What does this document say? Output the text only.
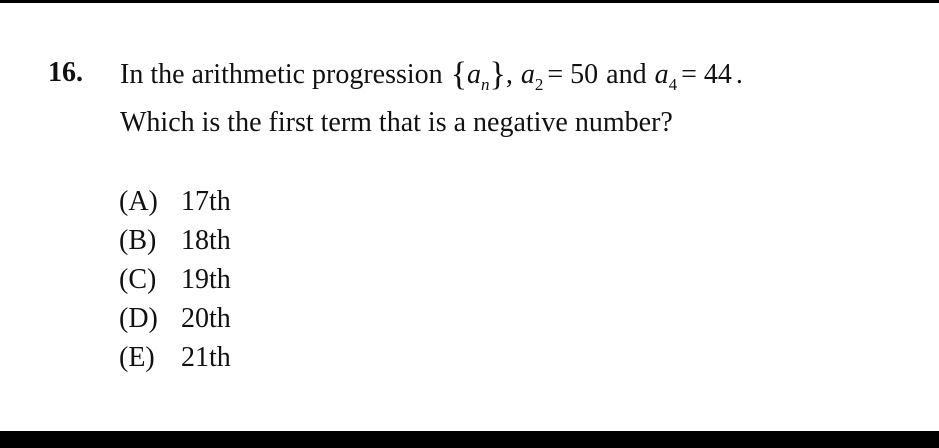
16. In the arithmetic progression $\{a_n\}$, $a_2 = 50$ and $a_4 = 44$ .
Which is the first term that is a negative number?
(A) 17th
(B) 18th
(C) 19th
(D) 20th
(E) 21th
